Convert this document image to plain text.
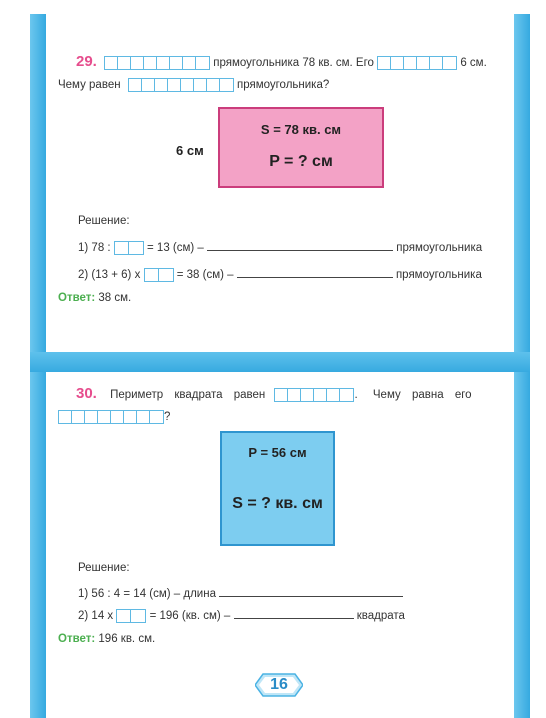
29.	прямоугольника 78 кв. см. Его	6 см.
Чему равен	прямоугольника?
6 см
S = 78 кв. см
P = ? см
Решение:
1) 78 :	= 13 (см) –	прямоугольника
2) (13 + 6) х	= 38 (см) –	прямоугольника
Ответ: 38 см.
30. Периметр квадрата равен	. Чему равна его
?
P = 56 см
S = ? кв. см
Решение:
1) 56 : 4 = 14 (см) – длина
2) 14 х	= 196 (кв. см) –	квадрата
Ответ: 196 кв. см.
16
